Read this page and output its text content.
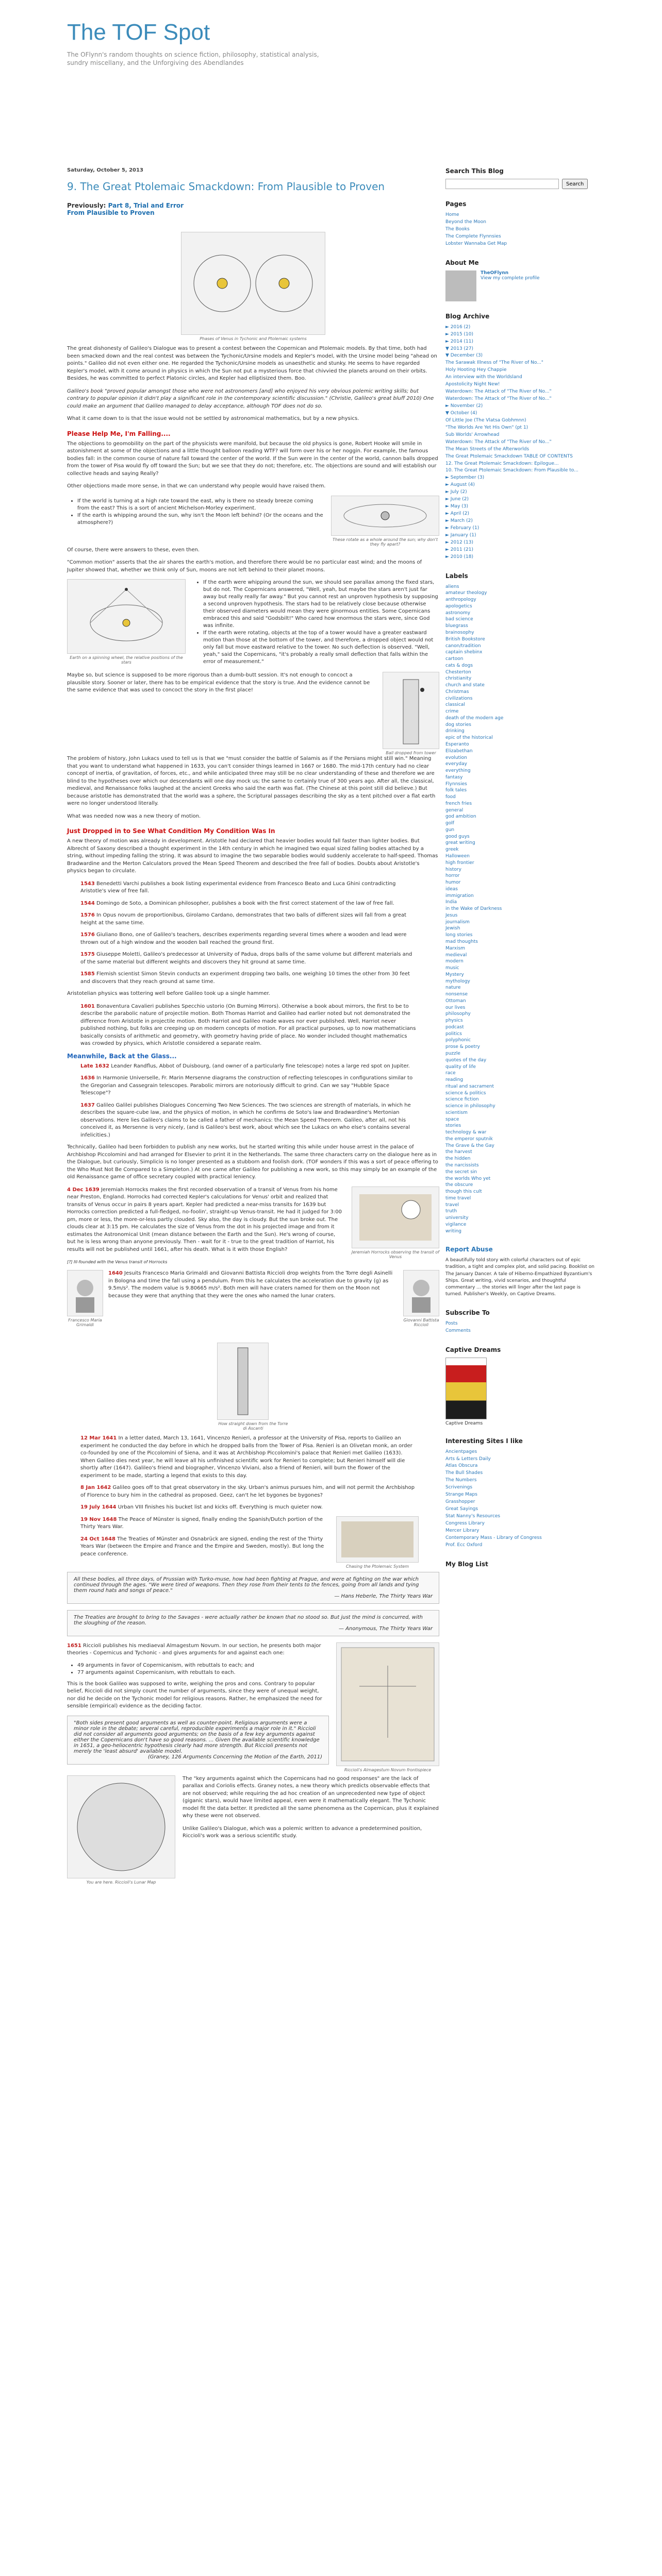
The TOF Spot
The OFlynn's random thoughts on science fiction, philosophy, statistical analysis, sundry miscellany, and the Unforgiving des Abendlandes
Saturday, October 5, 2013
9. The Great Ptolemaic Smackdown: From Plausible to Proven
Previously: Part 8, Trial and Error
From Plausible to Proven
Phases of Venus in Tychonic and Ptolemaic systems

The great dishonesty of Galileo's Dialogue was to present a contest between the Copernican and Ptolemaic models. By that time, both had been smacked down and the real contest was between the Tychonic/Ursine models and Kepler's model, with the Ursine model being "ahead on points." Galileo did not even either one. He regarded the Tychonic/Ursine models as unaesthetic and stunky. He seems to have regarded Kepler's model, with it come around in physics in which the Sun not put a mysterious force that chivvied the planets around on their orbits. Besides, he was committed to perfect Platonic circles, and Kepler had elliptisized them. Boo.

Galileo's book "proved popular amongst those who were not astronomers [and] who enjoyed his very obvious polemic writing skills; but contrary to popular opinion it didn't play a significant role in the contemporary scientific discussion." (Christie, Galileo's great bluff 2010) One could make an argument that Galileo managed to delay acceptance, although TOF does not do so.

What it came down to is that the issue would not be settled by astronomical mathematics, but by a new physics.

Please Help Me, I'm Falling....

The objections to geomobility on the part of the physicists were manifold, but because the old physics is gone, Robert Hooke will smile in astonishment at some of the objections and a little thought balloon reading WTF? will form over his or her noggin. For example, the famous bodies fall: in the common course of nature fall toward the center of the world. If the Sun were in the center of the world, cannon balls dropped from the tower of Pisa would fly off toward the Sun; but we see that they do not; therefore, etc. The objections are sound and will establish our collective heads and saying Really?

Other objections made more sense, in that we can understand why people would have raised them.

• If the world is turning at a high rate toward the east, why is there no steady breeze coming from the east? This is a sort of ancient Michelson-Morley experiment.
• If the earth is whipping around the sun, why isn't the Moon left behind? (Or the oceans and the atmosphere?)
These rotate as a whole around the sun; why don't they fly apart?

Of course, there were answers to these, even then.

"Common motion" asserts that the air shares the earth's motion, and therefore there would be no particular east wind; and the moons of Jupiter showed that, whether we think only of Sun, moons are not left behind to their planet moons.

Earth on a spinning wheel, the relative positions of the stars
• If the earth were whipping around the sun, we should see parallax among the fixed stars, but do not. The Copernicans answered, "Well, yeah, but maybe the stars aren't just far away but really really far away." But you cannot rest an unproven hypothesis by supposing a second unproven hypothesis. The stars had to be relatively close because otherwise their observed diameters would mean they were ginormous entities. Some Copernicans embraced this and said "Godsbilt!" Who cared how enormous the stars were, since God was infinite.
• If the earth were rotating, objects at the top of a tower would have a greater eastward motion than those at the bottom of the tower, and therefore, a dropped object would not only fall but move eastward relative to the tower. No such deflection is observed. "Well, yeah," said the Copernicans, "it's probably a really small deflection that falls within the error of measurement."

Maybe so, but science is supposed to be more rigorous than a dumb-butt session. It's not enough to concoct a plausible story. Sooner or later, there has to be empirical evidence that the story is true. And the evidence cannot be the same evidence that was used to concoct the story in the first place!

Ball dropped from tower

The problem of history, John Lukacs used to tell us is that we "must consider the battle of Salamis as if the Persians might still win." Meaning that you want to understand what happened in 1633, you can't consider things learned in 1667 or 1680. The mid-17th century had no clear concept of inertia, of gravitation, of forces, etc., and while anticipated three may still be no clear understanding of these and therefore we are blind to the hypotheses over which our descendants will one day mock us; the same to certainly true of 300 years ago. After all, the classical, medieval, and Renaissance folks laughed at the ancient Greeks who said the earth was flat. (The Chinese at this point still did believe.) But because aristotle has demonstrated that the world was a sphere, the Scriptural passages describing the sky as a tent pitched over a flat earth were no longer understood literally.

What was needed now was a new theory of motion.

Just Dropped in to See What Condition My Condition Was In

A new theory of motion was already in development. Aristotle had declared that heavier bodies would fall faster than lighter bodies. But Albrecht of Saxony described a thought experiment in the 14th century in which he imagined two equal sized falling bodies attached by a string, without impeding falling the string. It was absurd to imagine the two separable bodies would suddenly accelerate to half-speed. Thomas Bradwardine and the Merton Calculators proved the Mean Speed Theorem and described the free fall of bodies. Doubts about Aristotle's physics began to circulate.

1543 Benedetti Varchi publishes a book listing experimental evidence from Francesco Beato and Luca Ghini contradicting Aristotle's view of free fall.
1544 Domingo de Soto, a Dominican philosopher, publishes a book with the first correct statement of the law of free fall.
1576 In Opus novum de proportionibus, Girolamo Cardano, demonstrates that two balls of different sizes will fall from a great height at the same time.
1576 Giuliano Bono, one of Galileo's teachers, describes experiments regarding several times where a wooden and lead were thrown out of a high window and the wooden ball reached the ground first.
1575 Giuseppe Moletti, Galileo's predecessor at University of Padua, drops balls of the same volume but different materials and of the same material but different weights and discovers they hit ground at same time.
1585 Flemish scientist Simon Stevin conducts an experiment dropping two balls, one weighing 10 times the other from 30 feet and discovers that they reach ground at same time.

Aristotelian physics was tottering well before Galileo took up a single hammer.

1601 Bonaventura Cavalieri publishes Specchio ustorio (On Burning Mirrors). Otherwise a book about mirrors, the first to be to describe the parabolic nature of projectile motion. Both Thomas Harriot and Galileo had earlier noted but not demonstrated the difference from Aristotle in projectile motion. Both Harriot and Galileo made waves nor ever published. Well, Harriot never published nothing, but folks are creeping up on modern concepts of motion. For all practical purposes, up to now mathematicians basically consists of arithmetic and geometry, with geometry having pride of place. No wonder included thought mathematics was crowded by physics, which Aristotle considered a separate realm.
Meanwhile, Back at the Glass...
Late 1632 Leander Randflus, Abbot of Duisbourg, (and owner of a particularly fine telescope) notes a large red spot on Jupiter.
1636 In Harmonie Universelle, Fr. Marin Mersenne diagrams the construction of reflecting telescopes in configurations similar to the Gregorian and Cassegrain telescopes. Parabolic mirrors are notoriously difficult to grind. Can we say "Hubble Space Telescope"?
1637 Galileo Galilei publishes Dialogues Concerning Two New Sciences. The two sciences are strength of materials, in which he describes the square-cube law, and the physics of motion, in which he confirms de Soto's law and Bradwardine's Mertonian observations. Here lies Galileo's claims to be called a father of mechanics: the Mean Speed Theorem. Galileo, after all, not his conceived it, as Mersenne is very nicely, (and is Galileo's best work, about which see the Lukacs on who else's contains several infelicities.)

Technically, Galileo had been forbidden to publish any new works, but he started writing this while under house arrest in the palace of Archbishop Piccolomini and had arranged for Elsevier to print it in the Netherlands. The same three characters carry on the dialogue here as in the Dialogue, but curiously, Simplicio is no longer presented as a stubborn and foolish dork. (TOF wonders if this was a sort of peace offering to the Who Must Not Be Compared to a Simpleton.) At one came after Galileo for publishing a new work, so this may simply be an example of the old Renaissance game of office secretary coupled with practical leniency.

4 Dec 1639 Jeremiah Horrocks makes the first recorded observation of a transit of Venus from his home near Preston, England. Horrocks had corrected Kepler's calculations for Venus' orbit and realized that transits of Venus occur in pairs 8 years apart. Kepler had predicted a near-miss transits for 1639 but Horrocks correction predicted a full-fledged, no-foolin', straight-up Venus-transit. He had it judged for 3:00 pm, more or less, the more-or-less partly clouded. Sky also, the day is cloudy. But the sun broke out. The clouds clear at 3:15 pm. He calculates the size of Venus from the dot in his projected image and from it estimates the Astronomical Unit (mean distance between the Earth and the Sun). He's wrong of course, but he is less wrong than anyone previously. Then - wait for it - true to the great tradition of Harriot, his results will not be published until 1661, after his death. What is it with those English?	Jeremiah Horrocks observing the transit of Venus

[?] Ill-founded with the Venus transit of Horrocks

Francesco Maria Grimaldi
1640 Jesuits Francesco Maria Grimaldi and Giovanni Battista Riccioli drop weights from the Torre degli Asinelli in Bologna and time the fall using a pendulum. From this he calculates the acceleration due to gravity (g) as 9.5m/s². The modern value is 9.80665 m/s². Both men will have craters named for them on the Moon not because they were that anything that they were the ones who named the lunar craters.
Giovanni Battista Riccioli
How straight down from the Torre di Ascanti
12 Mar 1641 In a letter dated, March 13, 1641, Vincenzo Renieri, a professor at the University of Pisa, reports to Galileo an experiment he conducted the day before in which he dropped balls from the Tower of Pisa. Renieri is an Olivetan monk, an order co-founded by one of the Piccolomini of Siena, and it was at Archbishop Piccolomini's palace that Renieri met Galileo (1633). When Galileo dies next year, he will leave all his unfinished scientific work for Renieri to complete; but Renieri himself will die shortly after (1647). Galileo's friend and biographer, Vincenzo Viviani, also a friend of Renieri, will burn the flower of the experiment to be made, starting a legend that exists to this day.
8 Jan 1642 Galileo goes off to that great observatory in the sky. Urban's animus pursues him, and will not permit the Archbishop of Florence to bury him in the cathedral as proposed. Geez, can't he let bygones be bygones?
19 July 1644 Urban VIII finishes his bucket list and kicks off. Everything is much quieter now.
19 Nov 1648 The Peace of Münster is signed, finally ending the Spanish/Dutch portion of the Thirty Years War.
24 Oct 1648 The Treaties of Münster and Osnabrück are signed, ending the rest of the Thirty Years War (between the Empire and France and the Empire and Sweden, mostly). But long the peace conference.
Chasing the Ptolemaic System
All these bodies, all three days, of Prussian with Turko-muse, how had been fighting at Prague, and were at fighting on the war which continued through the ages. "We were tired of weapons. Then they rose from their tents to the fences, going from all lands and tying them round hats and songs of peace."
— Hans Heberle, The Thirty Years War
The Treaties are brought to bring to the Savages - were actually rather be known that no stood so. But just the mind is concurred, with the sloughing of the reason.
— Anonymous, The Thirty Years War
1651 Riccioli publishes his mediaeval Almagestum Novum. In our section, he presents both major theories - Copernicus and Tychonic - and gives arguments for and against each one:
• 49 arguments in favor of Copernicanism, with rebuttals to each; and
• 77 arguments against Copernicanism, with rebuttals to each.

This is the book Galileo was supposed to write, weighing the pros and cons. Contrary to popular belief, Riccioli did not simply count the number of arguments, since they were of unequal weight, nor did he decide on the Tychonic model for religious reasons. Rather, he emphasized the need for sensible (empirical) evidence as the deciding factor.

"Both sides present good arguments as well as counter-point. Religious arguments were a minor role in the debate; several careful, reproducible experiments a major role in it." Riccioli did not consider all arguments good arguments; on the basis of a few key arguments against either the Copernicans don't have so good reasons. ... Given the available scientific knowledge in 1651, a geo-heliocentric hypothesis clearly had more strength. But Riccioli presents not merely the 'least absurd' available model.
(Graney, 126 Arguments Concerning the Motion of the Earth, 2011)
Riccioli's Almagestum Novum frontispiece
You are here. Riccioli's Lunar Map

The "key arguments against which the Copernicans had no good responses" are the lack of parallax and Coriolis effects. Graney notes, a new theory which predicts observable effects that are not observed; while requiring the ad hoc creation of an unprecedented new type of object (giganic stars), would have limited appeal, even were it mathematically elegant. The Tychonic model fit the data better. It predicted all the same phenomena as the Copernican, plus it explained why these were not observed.

Unlike Galileo's Dialogue, which was a polemic written to advance a predetermined position, Riccioli's work was a serious scientific study.

Search This Blog
Search
Pages
Home
Beyond the Moon
The Books
The Complete Flynnsies
Lobster Wannaba Get Map
About Me
TheOFlynn
View my complete profile
Blog Archive
► 2016 (2)
► 2015 (10)
► 2014 (11)
▼ 2013 (27)
▼ December (3)
The Sarawak Illness of "The River of No..."
Holy Hooting Hey Chappie
An interview with the Worldsland
Apostolicity Night New!
Waterdown: The Attack of "The River of No..."
Waterdown: The Attack of "The River of No..."
► November (2)
▼ October (4)
Of Little Joe (The Vlatsa Gobhmnn)
"The Worlds Are Yet His Own" (pt 1)
Sub Worlds' Arrowhead
Waterdown: The Attack of "The River of No..."
The Mean Streets of the Afterworlds
The Great Ptolemaic Smackdown TABLE OF CONTENTS
12. The Great Ptolemaic Smackdown: Epilogue...
10. The Great Ptolemaic Smackdown: From Plausible to...
► September (3)
► August (4)
► July (2)
► June (2)
► May (3)
► April (2)
► March (2)
► February (1)
► January (1)
► 2012 (13)
► 2011 (21)
► 2010 (18)
Labels
aliens
amateur theology
anthropology
apologetics
astronomy
bad science
bluegrass
brainosophy
British Bookstore
canon/tradition
captain shebinx
cartoon
cats & dogs
Chesterton
christianity
church and state
Christmas
civilizations
classical
crime
death of the modern age
dog stories
drinking
epic of the historical
Esperanto
Elizabethan
evolution
everyday
everything
fantasy
Flynnsies
folk tales
food
french fries
general
god ambition
golf
gun
good guys
great writing
greek
Halloween
high frontier
history
horror
humor
ideas
immigration
India
in the Wake of Darkness
Jesus
journalism
Jewish
long stories
mad thoughts
Marxism
medieval
modern
music
Mystery
mythology
nature
nonsense
Ottoman
our lives
philosophy
physics
podcast
politics
polyphonic
prose & poetry
puzzle
quotes of the day
quality of life
race
reading
ritual and sacrament
science & politics
science fiction
science in philosophy
scientism
space
stories
technology & war
the emperor sputnik
The Grave & the Gay
the harvest
the hidden
the narcissists
the secret sin
the worlds Who yet
the obscure
though this cult
time travel
travel
truth
university
vigilance
writing
Report Abuse
A beautifully told story with colorful characters out of epic tradition, a tight and complex plot, and solid pacing. Booklist on The January Dancer. A tale of Hiberno-Empathized Byzantium's Ships. Great writing, vivid scenarios, and thoughtful commentary ... the stories will linger after the last page is turned. Publisher's Weekly, on Captive Dreams.
Subscribe To
Posts
Comments
Captive Dreams
Captive Dreams
Interesting Sites I like
Ancientpages
Arts & Letters Daily
Atlas Obscura
The Bull Shades
The Numbers
Scrivenings
Strange Maps
Grasshopper
Great Sayings
Stat Nanny's Resources
Congress Library
Mercer Library
Contemporary Mass - Library of Congress
Prof. Ecc Oxford
My Blog List
